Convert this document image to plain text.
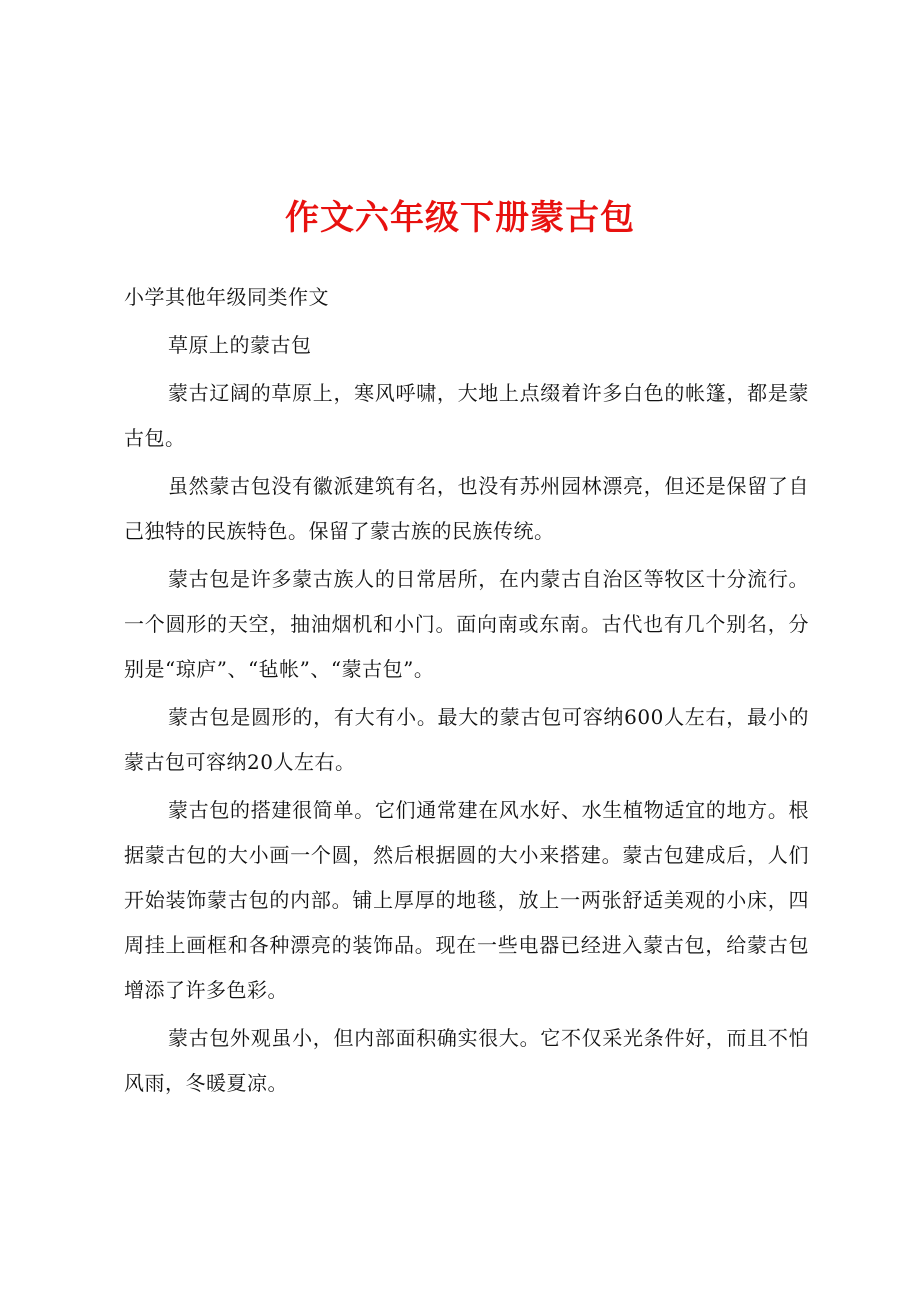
作文六年级下册蒙古包

小学其他年级同类作文

草原上的蒙古包

蒙古辽阔的草原上，寒风呼啸，大地上点缀着许多白色的帐篷，都是蒙古包。

虽然蒙古包没有徽派建筑有名，也没有苏州园林漂亮，但还是保留了自己独特的民族特色。保留了蒙古族的民族传统。

蒙古包是许多蒙古族人的日常居所，在内蒙古自治区等牧区十分流行。一个圆形的天空，抽油烟机和小门。面向南或东南。古代也有几个别名，分别是“琼庐”、“毡帐”、“蒙古包”。

蒙古包是圆形的，有大有小。最大的蒙古包可容纳600人左右，最小的蒙古包可容纳20人左右。

蒙古包的搭建很简单。它们通常建在风水好、水生植物适宜的地方。根据蒙古包的大小画一个圆，然后根据圆的大小来搭建。蒙古包建成后，人们开始装饰蒙古包的内部。铺上厚厚的地毯，放上一两张舒适美观的小床，四周挂上画框和各种漂亮的装饰品。现在一些电器已经进入蒙古包，给蒙古包增添了许多色彩。

蒙古包外观虽小，但内部面积确实很大。它不仅采光条件好，而且不怕风雨，冬暖夏凉。
